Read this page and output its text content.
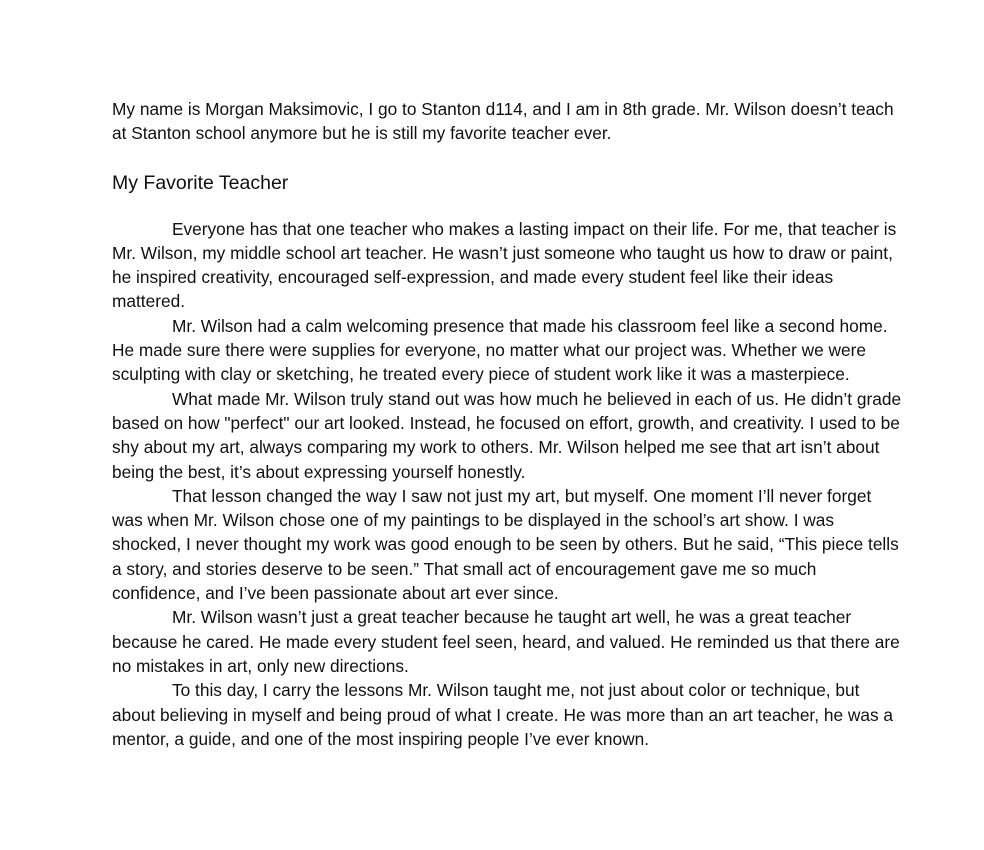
My name is Morgan Maksimovic, I go to Stanton d114, and I am in 8th grade. Mr. Wilson doesn’t teach at Stanton school anymore but he is still my favorite teacher ever.

My Favorite Teacher

Everyone has that one teacher who makes a lasting impact on their life. For me, that teacher is Mr. Wilson, my middle school art teacher. He wasn’t just someone who taught us how to draw or paint, he inspired creativity, encouraged self-expression, and made every student feel like their ideas mattered.

Mr. Wilson had a calm welcoming presence that made his classroom feel like a second home. He made sure there were supplies for everyone, no matter what our project was. Whether we were sculpting with clay or sketching, he treated every piece of student work like it was a masterpiece.

What made Mr. Wilson truly stand out was how much he believed in each of us. He didn’t grade based on how "perfect" our art looked. Instead, he focused on effort, growth, and creativity. I used to be shy about my art, always comparing my work to others. Mr. Wilson helped me see that art isn’t about being the best, it’s about expressing yourself honestly.

That lesson changed the way I saw not just my art, but myself. One moment I’ll never forget was when Mr. Wilson chose one of my paintings to be displayed in the school’s art show. I was shocked, I never thought my work was good enough to be seen by others. But he said, “This piece tells a story, and stories deserve to be seen.” That small act of encouragement gave me so much confidence, and I’ve been passionate about art ever since.

Mr. Wilson wasn’t just a great teacher because he taught art well, he was a great teacher because he cared. He made every student feel seen, heard, and valued. He reminded us that there are no mistakes in art, only new directions.

To this day, I carry the lessons Mr. Wilson taught me, not just about color or technique, but about believing in myself and being proud of what I create. He was more than an art teacher, he was a mentor, a guide, and one of the most inspiring people I’ve ever known.
